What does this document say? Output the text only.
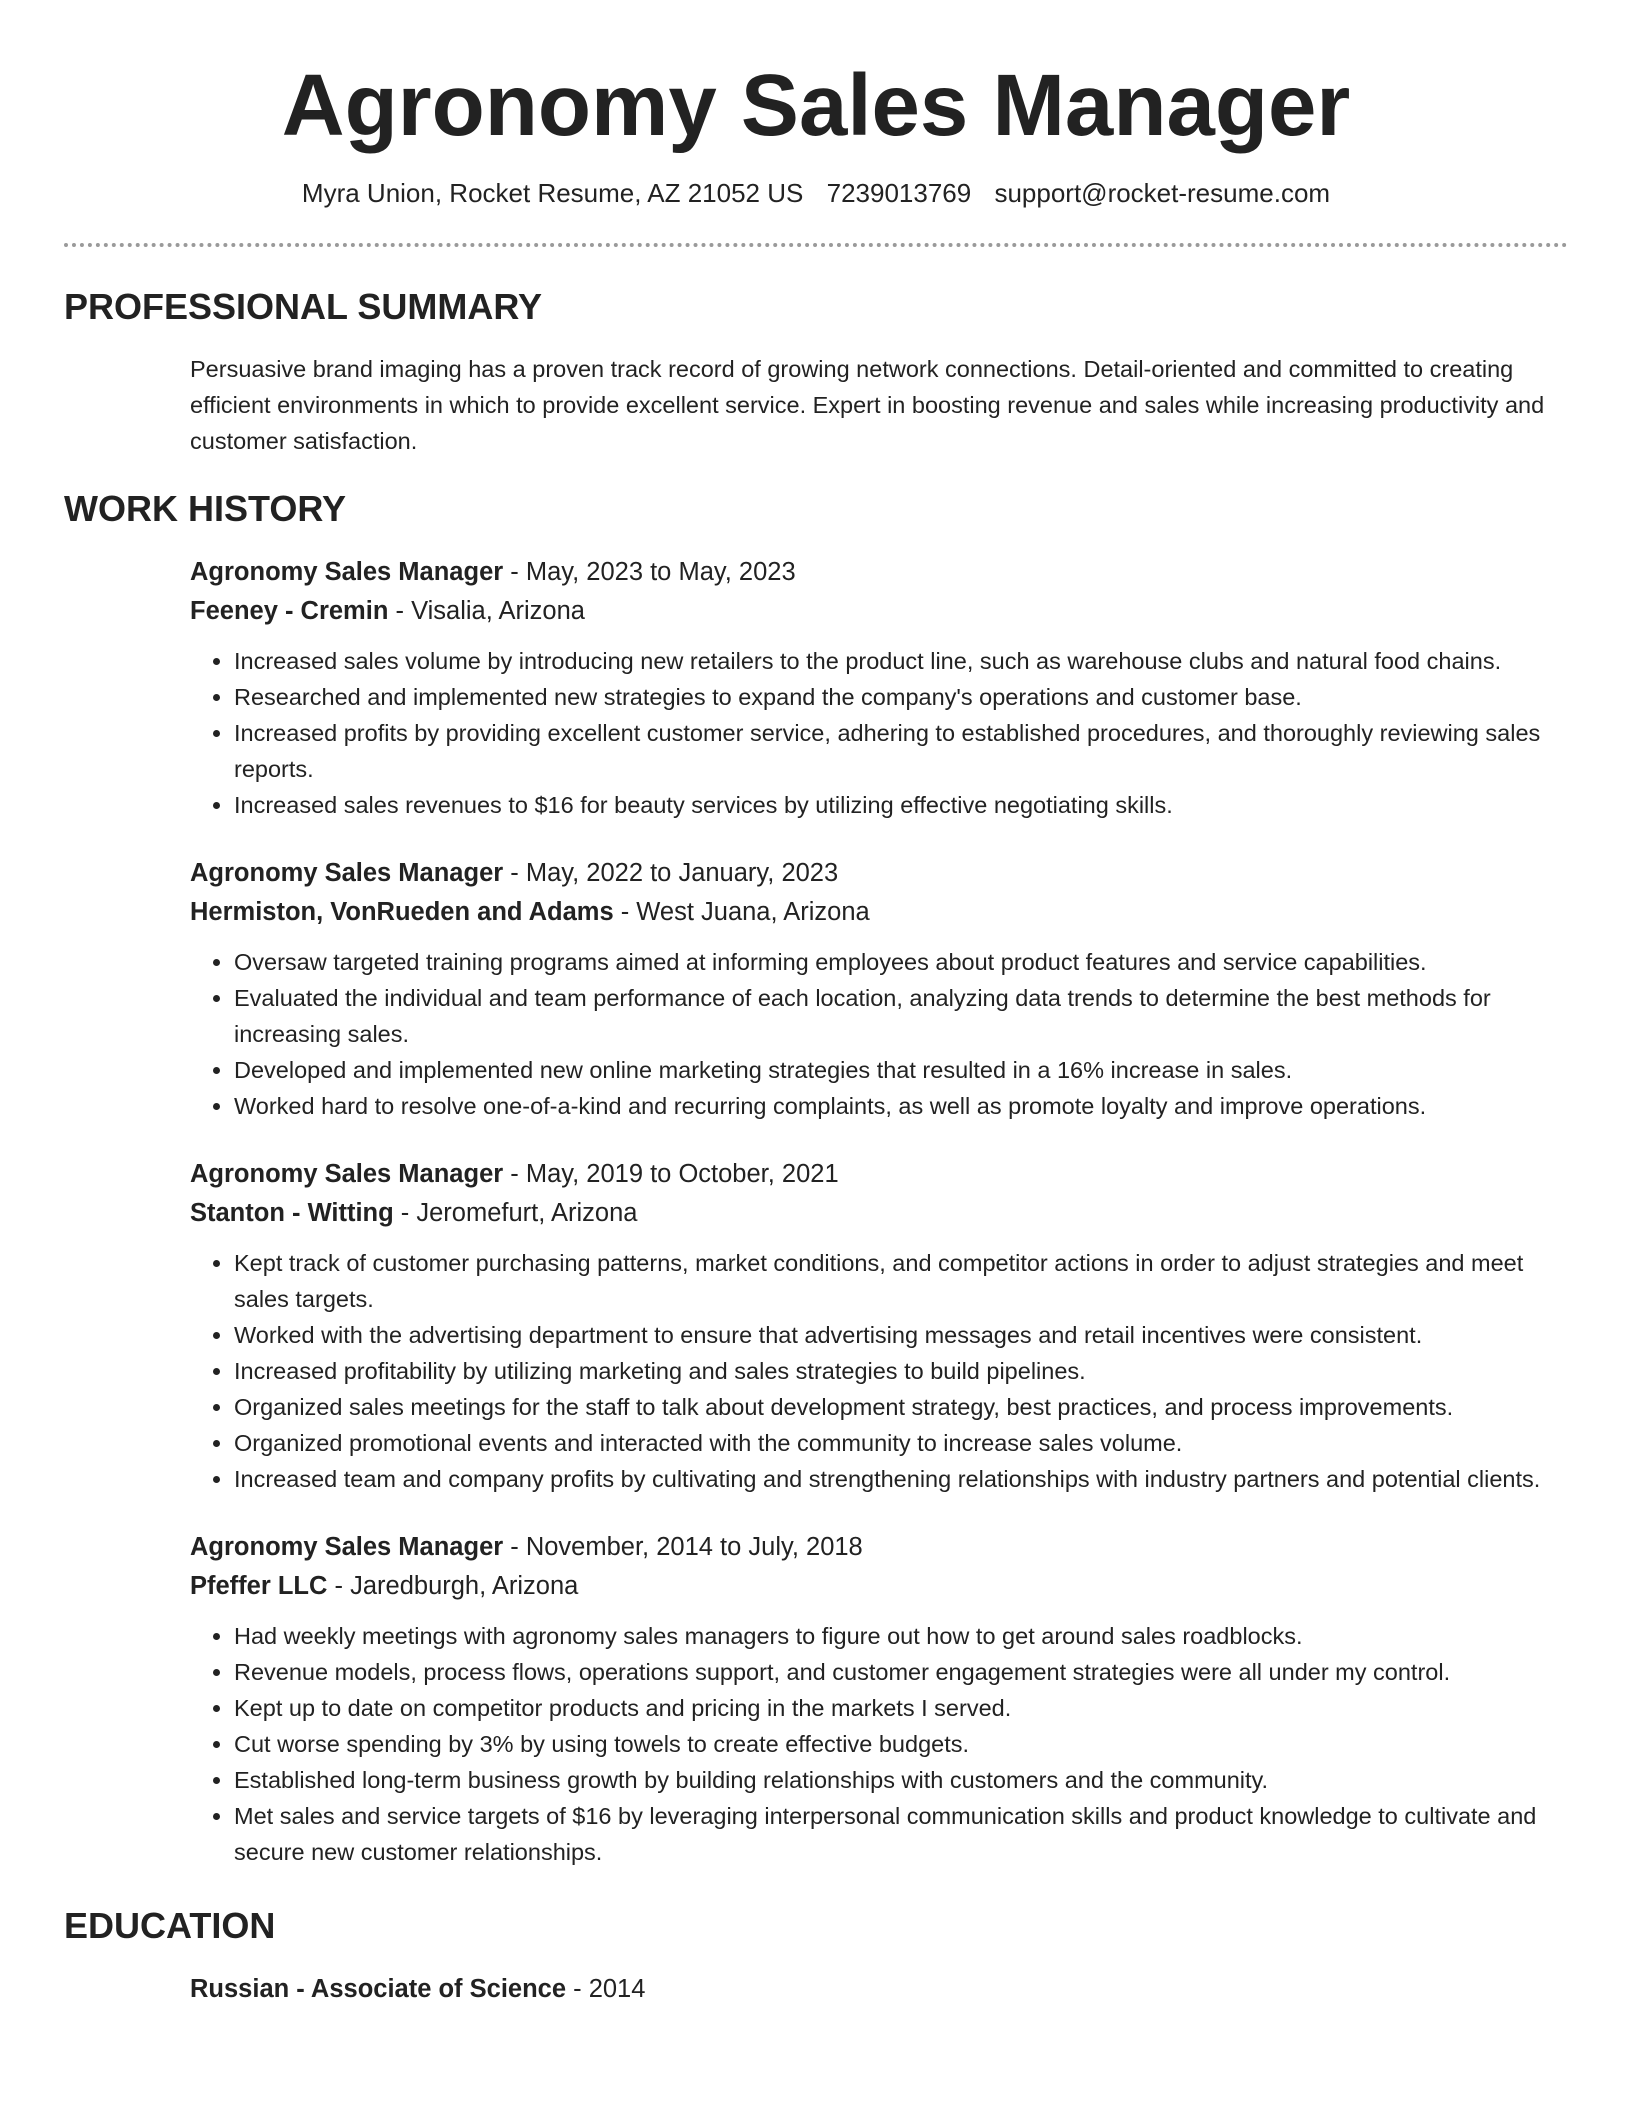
Agronomy Sales Manager
Myra Union, Rocket Resume, AZ 21052 US 7239013769 support@rocket-resume.com
PROFESSIONAL SUMMARY
Persuasive brand imaging has a proven track record of growing network connections. Detail-oriented and committed to creating efficient environments in which to provide excellent service. Expert in boosting revenue and sales while increasing productivity and customer satisfaction.
WORK HISTORY
Agronomy Sales Manager - May, 2023 to May, 2023
Feeney - Cremin - Visalia, Arizona
• Increased sales volume by introducing new retailers to the product line, such as warehouse clubs and natural food chains.
• Researched and implemented new strategies to expand the company's operations and customer base.
• Increased profits by providing excellent customer service, adhering to established procedures, and thoroughly reviewing sales reports.
• Increased sales revenues to $16 for beauty services by utilizing effective negotiating skills.
Agronomy Sales Manager - May, 2022 to January, 2023
Hermiston, VonRueden and Adams - West Juana, Arizona
• Oversaw targeted training programs aimed at informing employees about product features and service capabilities.
• Evaluated the individual and team performance of each location, analyzing data trends to determine the best methods for increasing sales.
• Developed and implemented new online marketing strategies that resulted in a 16% increase in sales.
• Worked hard to resolve one-of-a-kind and recurring complaints, as well as promote loyalty and improve operations.
Agronomy Sales Manager - May, 2019 to October, 2021
Stanton - Witting - Jeromefurt, Arizona
• Kept track of customer purchasing patterns, market conditions, and competitor actions in order to adjust strategies and meet sales targets.
• Worked with the advertising department to ensure that advertising messages and retail incentives were consistent.
• Increased profitability by utilizing marketing and sales strategies to build pipelines.
• Organized sales meetings for the staff to talk about development strategy, best practices, and process improvements.
• Organized promotional events and interacted with the community to increase sales volume.
• Increased team and company profits by cultivating and strengthening relationships with industry partners and potential clients.
Agronomy Sales Manager - November, 2014 to July, 2018
Pfeffer LLC - Jaredburgh, Arizona
• Had weekly meetings with agronomy sales managers to figure out how to get around sales roadblocks.
• Revenue models, process flows, operations support, and customer engagement strategies were all under my control.
• Kept up to date on competitor products and pricing in the markets I served.
• Cut worse spending by 3% by using towels to create effective budgets.
• Established long-term business growth by building relationships with customers and the community.
• Met sales and service targets of $16 by leveraging interpersonal communication skills and product knowledge to cultivate and secure new customer relationships.
EDUCATION
Russian - Associate of Science - 2014
